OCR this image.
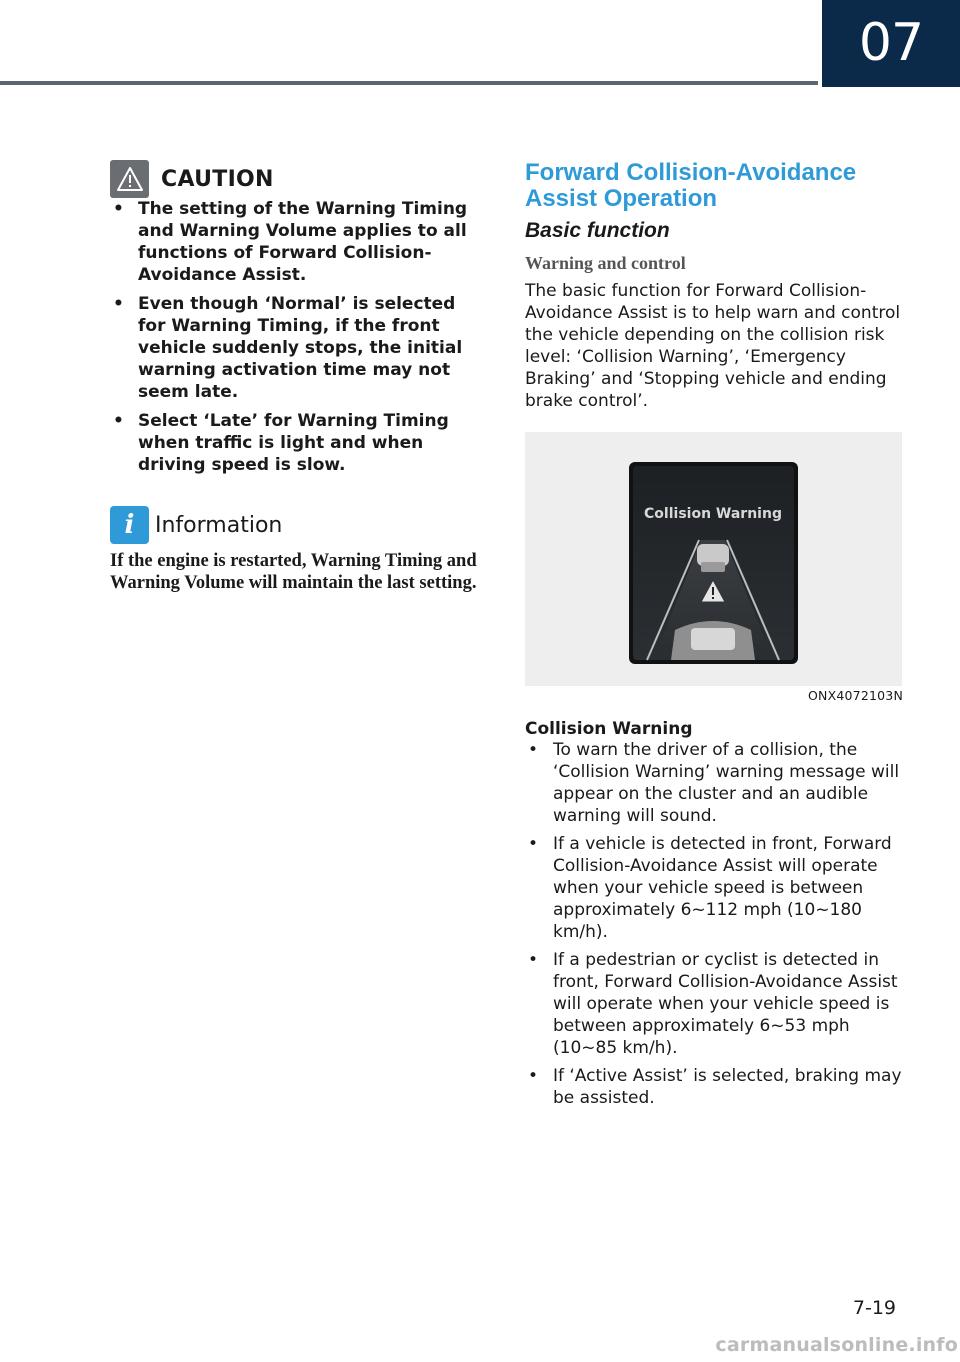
07
CAUTION
• The setting of the Warning Timing and Warning Volume applies to all functions of Forward Collision-Avoidance Assist.
• Even though ‘Normal’ is selected for Warning Timing, if the front vehicle suddenly stops, the initial warning activation time may not seem late.
• Select ‘Late’ for Warning Timing when traffic is light and when driving speed is slow.
i Information
If the engine is restarted, Warning Timing and Warning Volume will maintain the last setting.
Forward Collision-Avoidance Assist Operation
Basic function
Warning and control
The basic function for Forward Collision-Avoidance Assist is to help warn and control the vehicle depending on the collision risk level: ‘Collision Warning’, ‘Emergency Braking’ and ‘Stopping vehicle and ending brake control’.
Collision Warning
ONX4072103N
Collision Warning
• To warn the driver of a collision, the ‘Collision Warning’ warning message will appear on the cluster and an audible warning will sound.
• If a vehicle is detected in front, Forward Collision-Avoidance Assist will operate when your vehicle speed is between approximately 6~112 mph (10~180 km/h).
• If a pedestrian or cyclist is detected in front, Forward Collision-Avoidance Assist will operate when your vehicle speed is between approximately 6~53 mph (10~85 km/h).
• If ‘Active Assist’ is selected, braking may be assisted.
7-19
carmanualsonline.info
